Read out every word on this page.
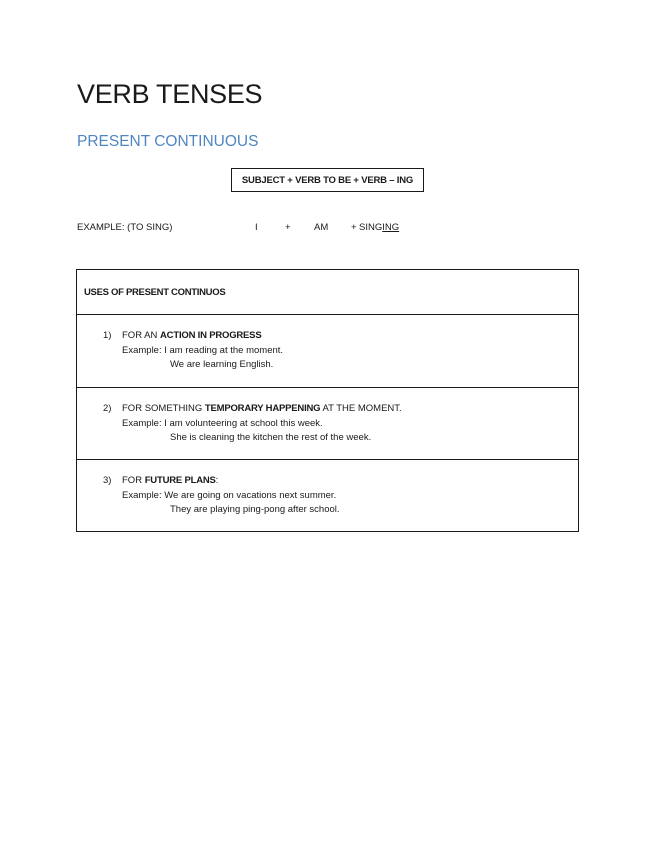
VERB TENSES
PRESENT CONTINUOUS
SUBJECT + VERB TO BE + VERB – ING
EXAMPLE: (TO SING)	I	+ AM + SINGING
USES OF PRESENT CONTINUOS
1) FOR AN ACTION IN PROGRESS
Example: I am reading at the moment.
We are learning English.
2) FOR SOMETHING TEMPORARY HAPPENING AT THE MOMENT.
Example: I am volunteering at school this week.
She is cleaning the kitchen the rest of the week.
3) FOR FUTURE PLANS:
Example: We are going on vacations next summer.
They are playing ping-pong after school.
